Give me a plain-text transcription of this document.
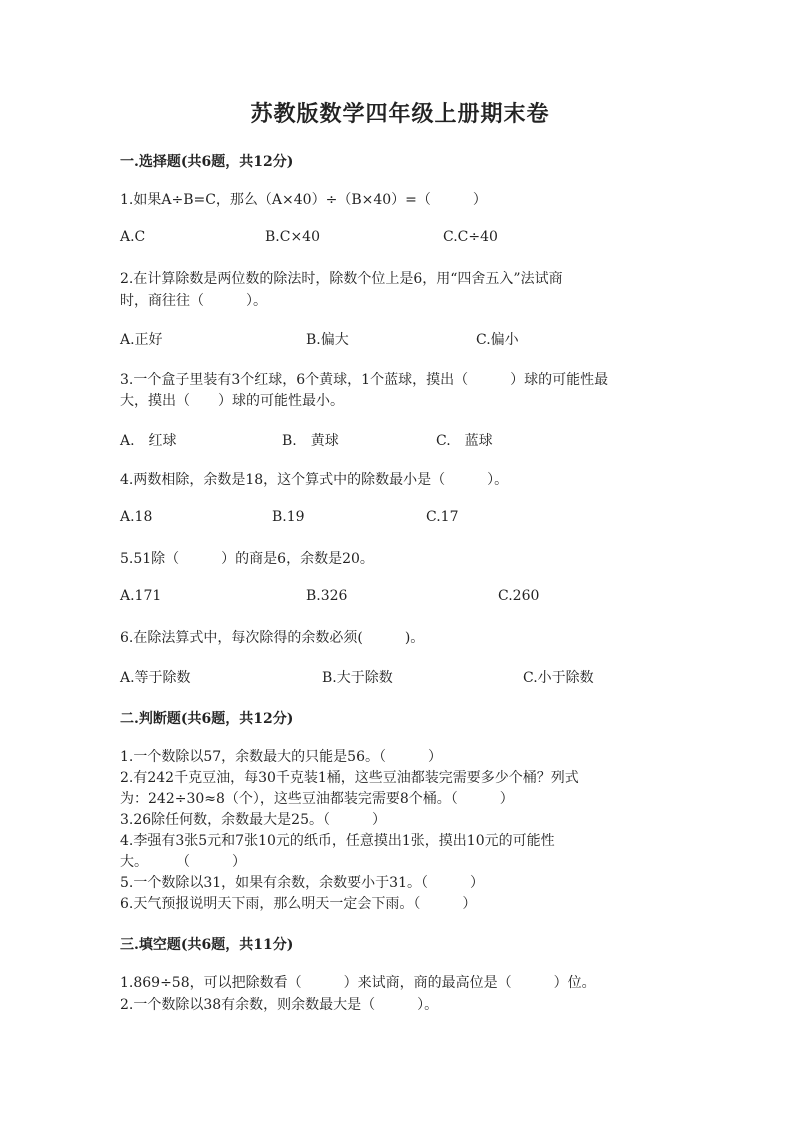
苏教版数学四年级上册期末卷
一.选择题(共6题，共12分)
1.如果A÷B=C，那么（A×40）÷（B×40）=（　　　）
A.C	B.C×40	C.C÷40
2.在计算除数是两位数的除法时，除数个位上是6，用“四舍五入”法试商
时，商往往（　　　）。
A.正好	B.偏大	C.偏小
3.一个盒子里装有3个红球，6个黄球，1个蓝球，摸出（　　　）球的可能性最
大，摸出（　　）球的可能性最小。
A.　红球	B.　黄球	C.　蓝球
4.两数相除，余数是18，这个算式中的除数最小是（　　　）。
A.18	B.19	C.17
5.51除（　　　）的商是6，余数是20。
A.171	B.326	C.260
6.在除法算式中，每次除得的余数必须(　　　)。
A.等于除数	B.大于除数	C.小于除数
二.判断题(共6题，共12分)
1.一个数除以57，余数最大的只能是56。（　　　）
2.有242千克豆油，每30千克装1桶，这些豆油都装完需要多少个桶？列式
为：242÷30≈8（个），这些豆油都装完需要8个桶。（　　　）
3.26除任何数，余数最大是25。（　　　）
4.李强有3张5元和7张10元的纸币，任意摸出1张，摸出10元的可能性
大。　　　（　　　）
5.一个数除以31，如果有余数，余数要小于31。（　　　）
6.天气预报说明天下雨，那么明天一定会下雨。（　　　）
三.填空题(共6题，共11分)
1.869÷58，可以把除数看（　　　）来试商，商的最高位是（　　　）位。
2.一个数除以38有余数，则余数最大是（　　　）。
